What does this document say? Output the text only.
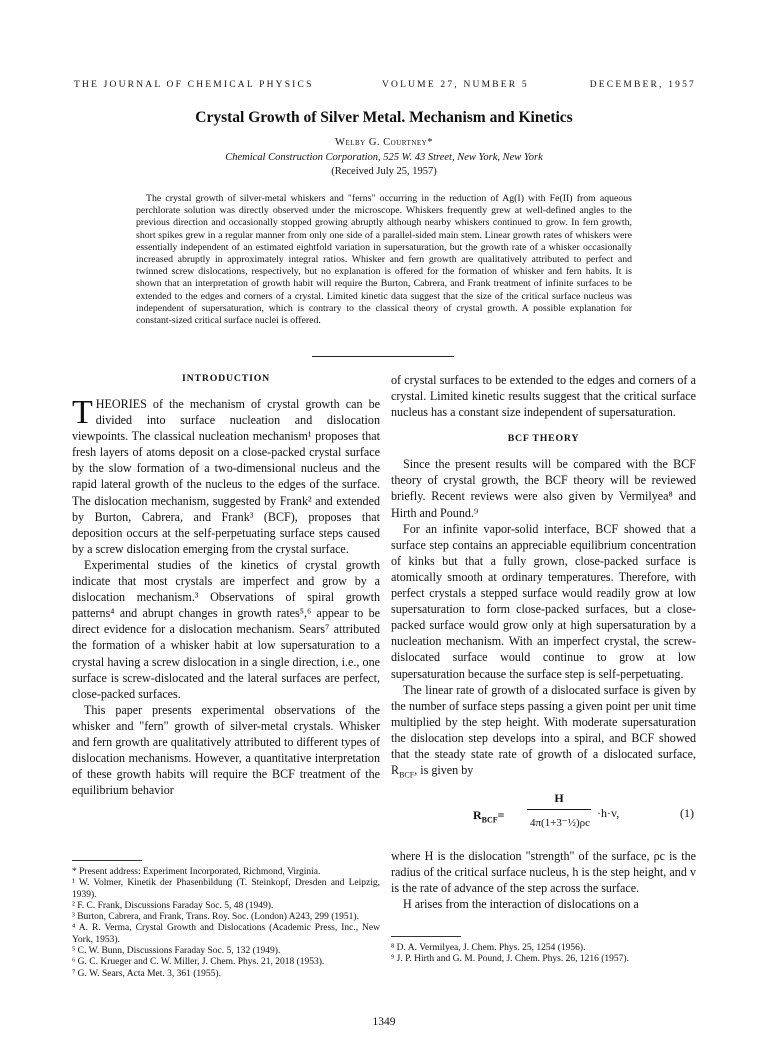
THE JOURNAL OF CHEMICAL PHYSICS	VOLUME 27, NUMBER 5	DECEMBER, 1957
Crystal Growth of Silver Metal. Mechanism and Kinetics
Welby G. Courtney*
Chemical Construction Corporation, 525 W. 43 Street, New York, New York
(Received July 25, 1957)
The crystal growth of silver-metal whiskers and "ferns" occurring in the reduction of Ag(I) with Fe(II) from aqueous perchlorate solution was directly observed under the microscope. Whiskers frequently grew at well-defined angles to the previous direction and occasionally stopped growing abruptly although nearby whiskers continued to grow. In fern growth, short spikes grew in a regular manner from only one side of a parallel-sided main stem. Linear growth rates of whiskers were essentially independent of an estimated eightfold variation in supersaturation, but the growth rate of a whisker occasionally increased abruptly in approximately integral ratios. Whisker and fern growth are qualitatively attributed to perfect and twinned screw dislocations, respectively, but no explanation is offered for the formation of whisker and fern habits. It is shown that an interpretation of growth habit will require the Burton, Cabrera, and Frank treatment of infinite surfaces to be extended to the edges and corners of a crystal. Limited kinetic data suggest that the size of the critical surface nucleus was independent of supersaturation, which is contrary to the classical theory of crystal growth. A possible explanation for constant-sized critical surface nuclei is offered.
INTRODUCTION

THEORIES of the mechanism of crystal growth can be divided into surface nucleation and dislocation viewpoints. The classical nucleation mechanism¹ proposes that fresh layers of atoms deposit on a close-packed crystal surface by the slow formation of a two-dimensional nucleus and the rapid lateral growth of the nucleus to the edges of the surface. The dislocation mechanism, suggested by Frank² and extended by Burton, Cabrera, and Frank³ (BCF), proposes that deposition occurs at the self-perpetuating surface steps caused by a screw dislocation emerging from the crystal surface.

Experimental studies of the kinetics of crystal growth indicate that most crystals are imperfect and grow by a dislocation mechanism.³ Observations of spiral growth patterns⁴ and abrupt changes in growth rates⁵,⁶ appear to be direct evidence for a dislocation mechanism. Sears⁷ attributed the formation of a whisker habit at low supersaturation to a crystal having a screw dislocation in a single direction, i.e., one surface is screw-dislocated and the lateral surfaces are perfect, close-packed surfaces.

This paper presents experimental observations of the whisker and "fern" growth of silver-metal crystals. Whisker and fern growth are qualitatively attributed to different types of dislocation mechanisms. However, a quantitative interpretation of these growth habits will require the BCF treatment of the equilibrium behavior

* Present address: Experiment Incorporated, Richmond, Virginia.

¹ W. Volmer, Kinetik der Phasenbildung (T. Steinkopf, Dresden and Leipzig, 1939).

² F. C. Frank, Discussions Faraday Soc. 5, 48 (1949).

³ Burton, Cabrera, and Frank, Trans. Roy. Soc. (London) A243, 299 (1951).

⁴ A. R. Verma, Crystal Growth and Dislocations (Academic Press, Inc., New York, 1953).

⁵ C. W. Bunn, Discussions Faraday Soc. 5, 132 (1949).

⁶ G. C. Krueger and C. W. Miller, J. Chem. Phys. 21, 2018 (1953).

⁷ G. W. Sears, Acta Met. 3, 361 (1955).

of crystal surfaces to be extended to the edges and corners of a crystal. Limited kinetic results suggest that the critical surface nucleus has a constant size independent of supersaturation.

BCF THEORY

Since the present results will be compared with the BCF theory of crystal growth, the BCF theory will be reviewed briefly. Recent reviews were also given by Vermilyea⁸ and Hirth and Pound.⁹

For an infinite vapor-solid interface, BCF showed that a surface step contains an appreciable equilibrium concentration of kinks but that a fully grown, close-packed surface is atomically smooth at ordinary temperatures. Therefore, with perfect crystals a stepped surface would readily grow at low supersaturation to form close-packed surfaces, but a close-packed surface would grow only at high supersaturation by a nucleation mechanism. With an imperfect crystal, the screw-dislocated surface would continue to grow at low supersaturation because the surface step is self-perpetuating.

The linear rate of growth of a dislocated surface is given by the number of surface steps passing a given point per unit time multiplied by the step height. With moderate supersaturation the dislocation step develops into a spiral, and BCF showed that the steady state rate of growth of a dislocated surface, $R_{BCF}$, is given by

$R_{BCF}=$
H
4π(1+3⁻½)ρc
·h·v,	(1)

where H is the dislocation "strength" of the surface, ρc is the radius of the critical surface nucleus, h is the step height, and v is the rate of advance of the step across the surface.

H arises from the interaction of dislocations on a

⁸ D. A. Vermilyea, J. Chem. Phys. 25, 1254 (1956).

⁹ J. P. Hirth and G. M. Pound, J. Chem. Phys. 26, 1216 (1957).

1349
